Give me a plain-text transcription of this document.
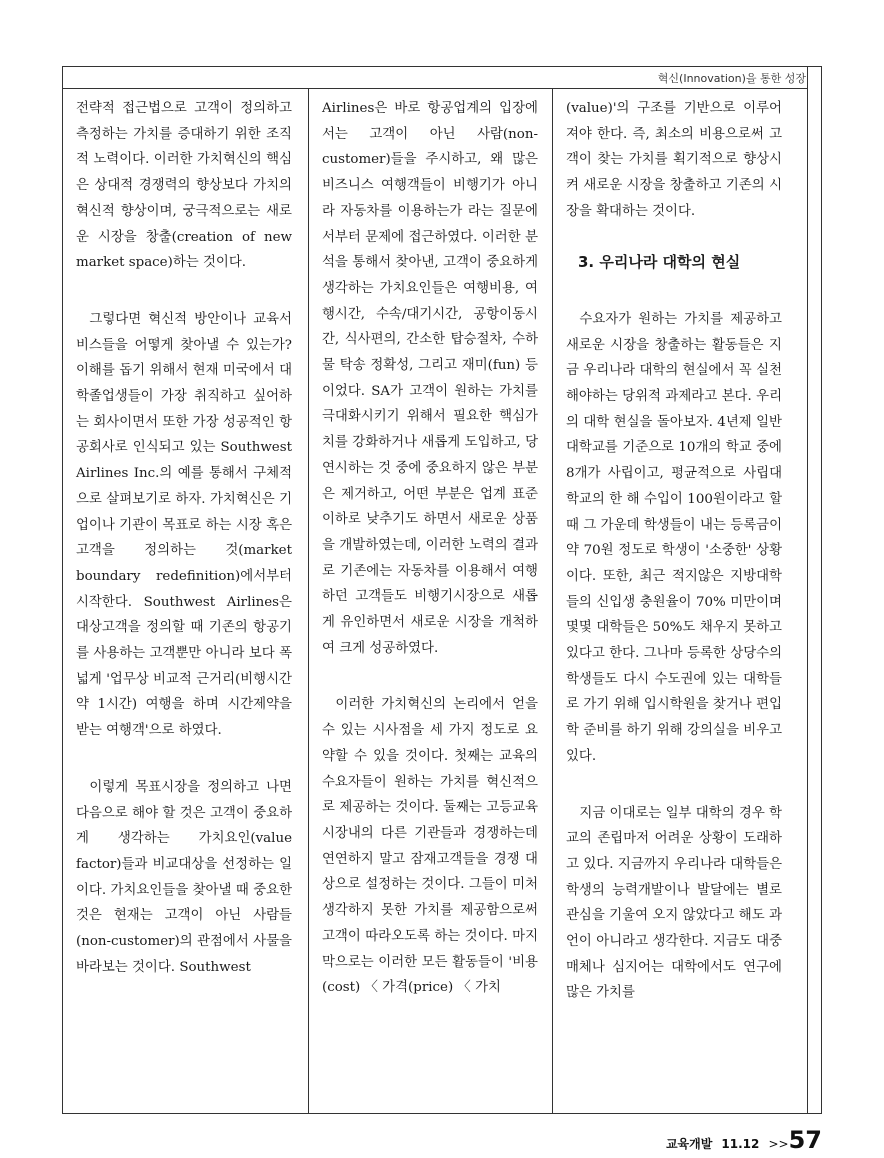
혁신(Innovation)을 통한 성장

전략적 접근법으로 고객이 정의하고 측정하는 가치를 증대하기 위한 조직적 노력이다. 이러한 가치혁신의 핵심은 상대적 경쟁력의 향상보다 가치의 혁신적 향상이며, 궁극적으로는 새로운 시장을 창출(creation of new market space)하는 것이다.

그렇다면 혁신적 방안이나 교육서비스들을 어떻게 찾아낼 수 있는가? 이해를 돕기 위해서 현재 미국에서 대학졸업생들이 가장 취직하고 싶어하는 회사이면서 또한 가장 성공적인 항공회사로 인식되고 있는 Southwest Airlines Inc.의 예를 통해서 구체적으로 살펴보기로 하자. 가치혁신은 기업이나 기관이 목표로 하는 시장 혹은 고객을 정의하는 것(market boundary redefinition)에서부터 시작한다. Southwest Airlines은 대상고객을 정의할 때 기존의 항공기를 사용하는 고객뿐만 아니라 보다 폭넓게 '업무상 비교적 근거리(비행시간 약 1시간) 여행을 하며 시간제약을 받는 여행객'으로 하였다.

이렇게 목표시장을 정의하고 나면 다음으로 해야 할 것은 고객이 중요하게 생각하는 가치요인(value factor)들과 비교대상을 선정하는 일이다. 가치요인들을 찾아낼 때 중요한 것은 현재는 고객이 아닌 사람들(non-customer)의 관점에서 사물을 바라보는 것이다. Southwest

Airlines은 바로 항공업계의 입장에서는 고객이 아닌 사람(non-customer)들을 주시하고, 왜 많은 비즈니스 여행객들이 비행기가 아니라 자동차를 이용하는가 라는 질문에서부터 문제에 접근하였다. 이러한 분석을 통해서 찾아낸, 고객이 중요하게 생각하는 가치요인들은 여행비용, 여행시간, 수속/대기시간, 공항이동시간, 식사편의, 간소한 탑승절차, 수하물 탁송 정확성, 그리고 재미(fun) 등이었다. SA가 고객이 원하는 가치를 극대화시키기 위해서 필요한 핵심가치를 강화하거나 새롭게 도입하고, 당연시하는 것 중에 중요하지 않은 부분은 제거하고, 어떤 부분은 업계 표준이하로 낮추기도 하면서 새로운 상품을 개발하였는데, 이러한 노력의 결과로 기존에는 자동차를 이용해서 여행하던 고객들도 비행기시장으로 새롭게 유인하면서 새로운 시장을 개척하여 크게 성공하였다.

이러한 가치혁신의 논리에서 얻을 수 있는 시사점을 세 가지 정도로 요약할 수 있을 것이다. 첫째는 교육의 수요자들이 원하는 가치를 혁신적으로 제공하는 것이다. 둘째는 고등교육시장내의 다른 기관들과 경쟁하는데 연연하지 말고 잠재고객들을 경쟁 대상으로 설정하는 것이다. 그들이 미처 생각하지 못한 가치를 제공함으로써 고객이 따라오도록 하는 것이다. 마지막으로는 이러한 모든 활동들이 '비용(cost) 〈 가격(price) 〈 가치

(value)'의 구조를 기반으로 이루어져야 한다. 즉, 최소의 비용으로써 고객이 찾는 가치를 획기적으로 향상시켜 새로운 시장을 창출하고 기존의 시장을 확대하는 것이다.

3. 우리나라 대학의 현실

수요자가 원하는 가치를 제공하고 새로운 시장을 창출하는 활동들은 지금 우리나라 대학의 현실에서 꼭 실천해야하는 당위적 과제라고 본다. 우리의 대학 현실을 돌아보자. 4년제 일반대학교를 기준으로 10개의 학교 중에 8개가 사립이고, 평균적으로 사립대학교의 한 해 수입이 100원이라고 할 때 그 가운데 학생들이 내는 등록금이 약 70원 정도로 학생이 '소중한' 상황이다. 또한, 최근 적지않은 지방대학들의 신입생 충원율이 70% 미만이며 몇몇 대학들은 50%도 채우지 못하고 있다고 한다. 그나마 등록한 상당수의 학생들도 다시 수도권에 있는 대학들로 가기 위해 입시학원을 찾거나 편입학 준비를 하기 위해 강의실을 비우고 있다.

지금 이대로는 일부 대학의 경우 학교의 존립마저 어려운 상황이 도래하고 있다. 지금까지 우리나라 대학들은 학생의 능력개발이나 발달에는 별로 관심을 기울여 오지 않았다고 해도 과언이 아니라고 생각한다. 지금도 대중매체나 심지어는 대학에서도 연구에 많은 가치를

교육개발 11.12 >>57
